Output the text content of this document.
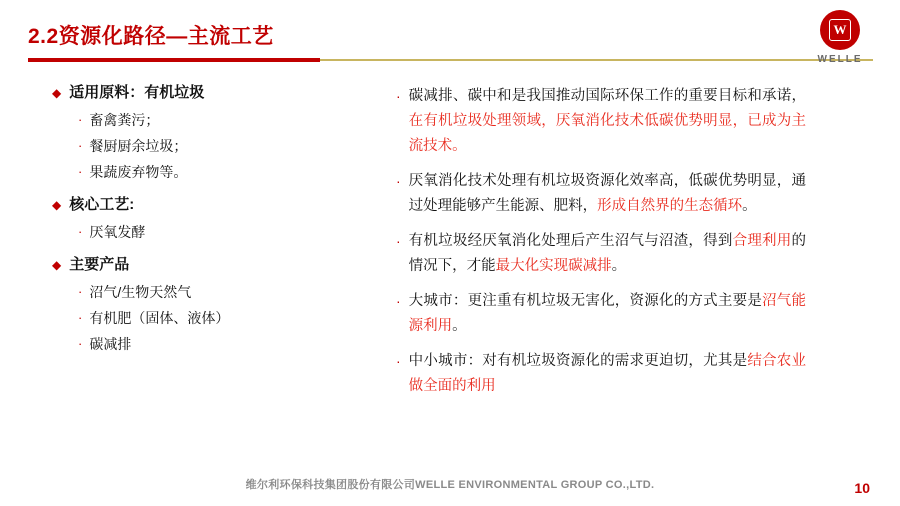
2.2资源化路径—主流工艺	W
WELLE
◆ 适用原料：有机垃圾
· 畜禽粪污；
· 餐厨厨余垃圾；
· 果蔬废弃物等。
◆ 核心工艺:
· 厌氧发酵
◆ 主要产品
· 沼气/生物天然气
· 有机肥（固体、液体）
· 碳减排
· 碳减排、碳中和是我国推动国际环保工作的重要目标和承诺，在有机垃圾处理领域，厌氧消化技术低碳优势明显，已成为主流技术。
· 厌氧消化技术处理有机垃圾资源化效率高，低碳优势明显，通过处理能够产生能源、肥料，形成自然界的生态循环。
· 有机垃圾经厌氧消化处理后产生沼气与沼渣，得到合理利用的情况下，才能最大化实现碳减排。
· 大城市：更注重有机垃圾无害化，资源化的方式主要是沼气能源利用。
· 中小城市：对有机垃圾资源化的需求更迫切，尤其是结合农业做全面的利用
维尔利环保科技集团股份有限公司WELLE ENVIRONMENTAL GROUP CO.,LTD.	10
